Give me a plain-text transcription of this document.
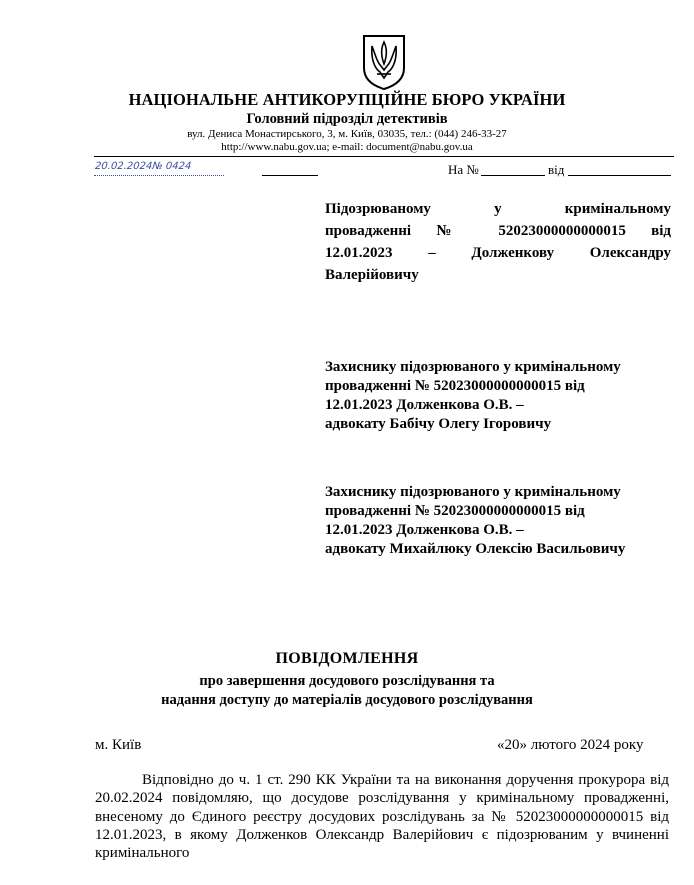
НАЦІОНАЛЬНЕ АНТИКОРУПЦІЙНЕ БЮРО УКРАЇНИ
Головний підрозділ детективів
вул. Дениса Монастирського, 3, м. Київ, 03035, тел.: (044) 246-33-27
http://www.nabu.gov.ua; e-mail: document@nabu.gov.ua
20.02.2024№ 0424	На №	від
Підозрюваному у кримінальному
провадженні № 52023000000000015 від
12.01.2023 – Долженкову Олександру
Валерійовичу
Захиснику підозрюваного у кримінальному
провадженні № 52023000000000015 від
12.01.2023 Долженкова О.В. –
адвокату Бабічу Олегу Ігоровичу
Захиснику підозрюваного у кримінальному
провадженні № 52023000000000015 від
12.01.2023 Долженкова О.В. –
адвокату Михайлюку Олексію Васильовичу
ПОВІДОМЛЕННЯ
про завершення досудового розслідування та
надання доступу до матеріалів досудового розслідування
м. Київ	«20» лютого 2024 року
Відповідно до ч. 1 ст. 290 КК України та на виконання доручення прокурора від 20.02.2024 повідомляю, що досудове розслідування у кримінальному провадженні, внесеному до Єдиного реєстру досудових розслідувань за № 52023000000000015 від 12.01.2023, в якому Долженков Олександр Валерійович є підозрюваним у вчиненні кримінального
